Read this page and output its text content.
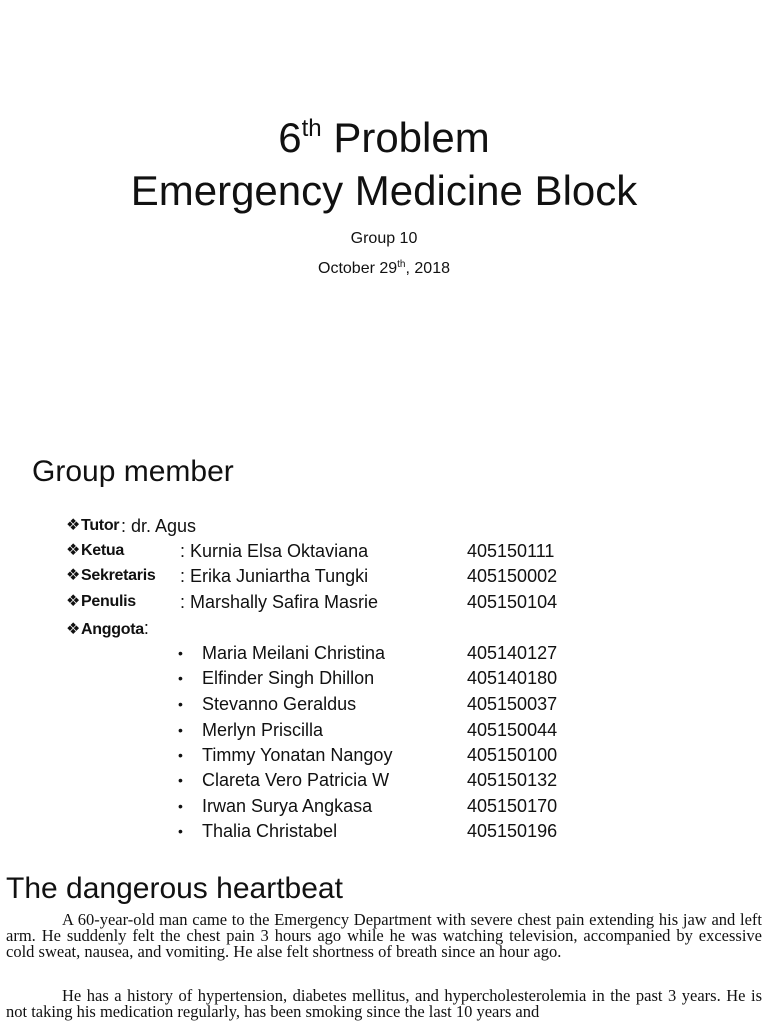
6th Problem
Emergency Medicine Block
Group 10
October 29th, 2018
Group member
❖Tutor : dr. Agus
❖Ketua	: Kurnia Elsa Oktaviana	405150111
❖Sekretaris : Erika Juniartha Tungki	405150002
❖Penulis : Marshally Safira Masrie	405150104
❖Anggota:
• Maria Meilani Christina	405140127
• Elfinder Singh Dhillon	405140180
• Stevanno Geraldus	405150037
• Merlyn Priscilla	405150044
• Timmy Yonatan Nangoy	405150100
• Clareta Vero Patricia W	405150132
• Irwan Surya Angkasa	405150170
• Thalia Christabel	405150196
The dangerous heartbeat

A 60-year-old man came to the Emergency Department with severe chest pain extending his jaw and left arm. He suddenly felt the chest pain 3 hours ago while he was watching television, accompanied by excessive cold sweat, nausea, and vomiting. He alse felt shortness of breath since an hour ago.

He has a history of hypertension, diabetes mellitus, and hypercholesterolemia in the past 3 years. He is not taking his medication regularly, has been smoking since the last 10 years and
